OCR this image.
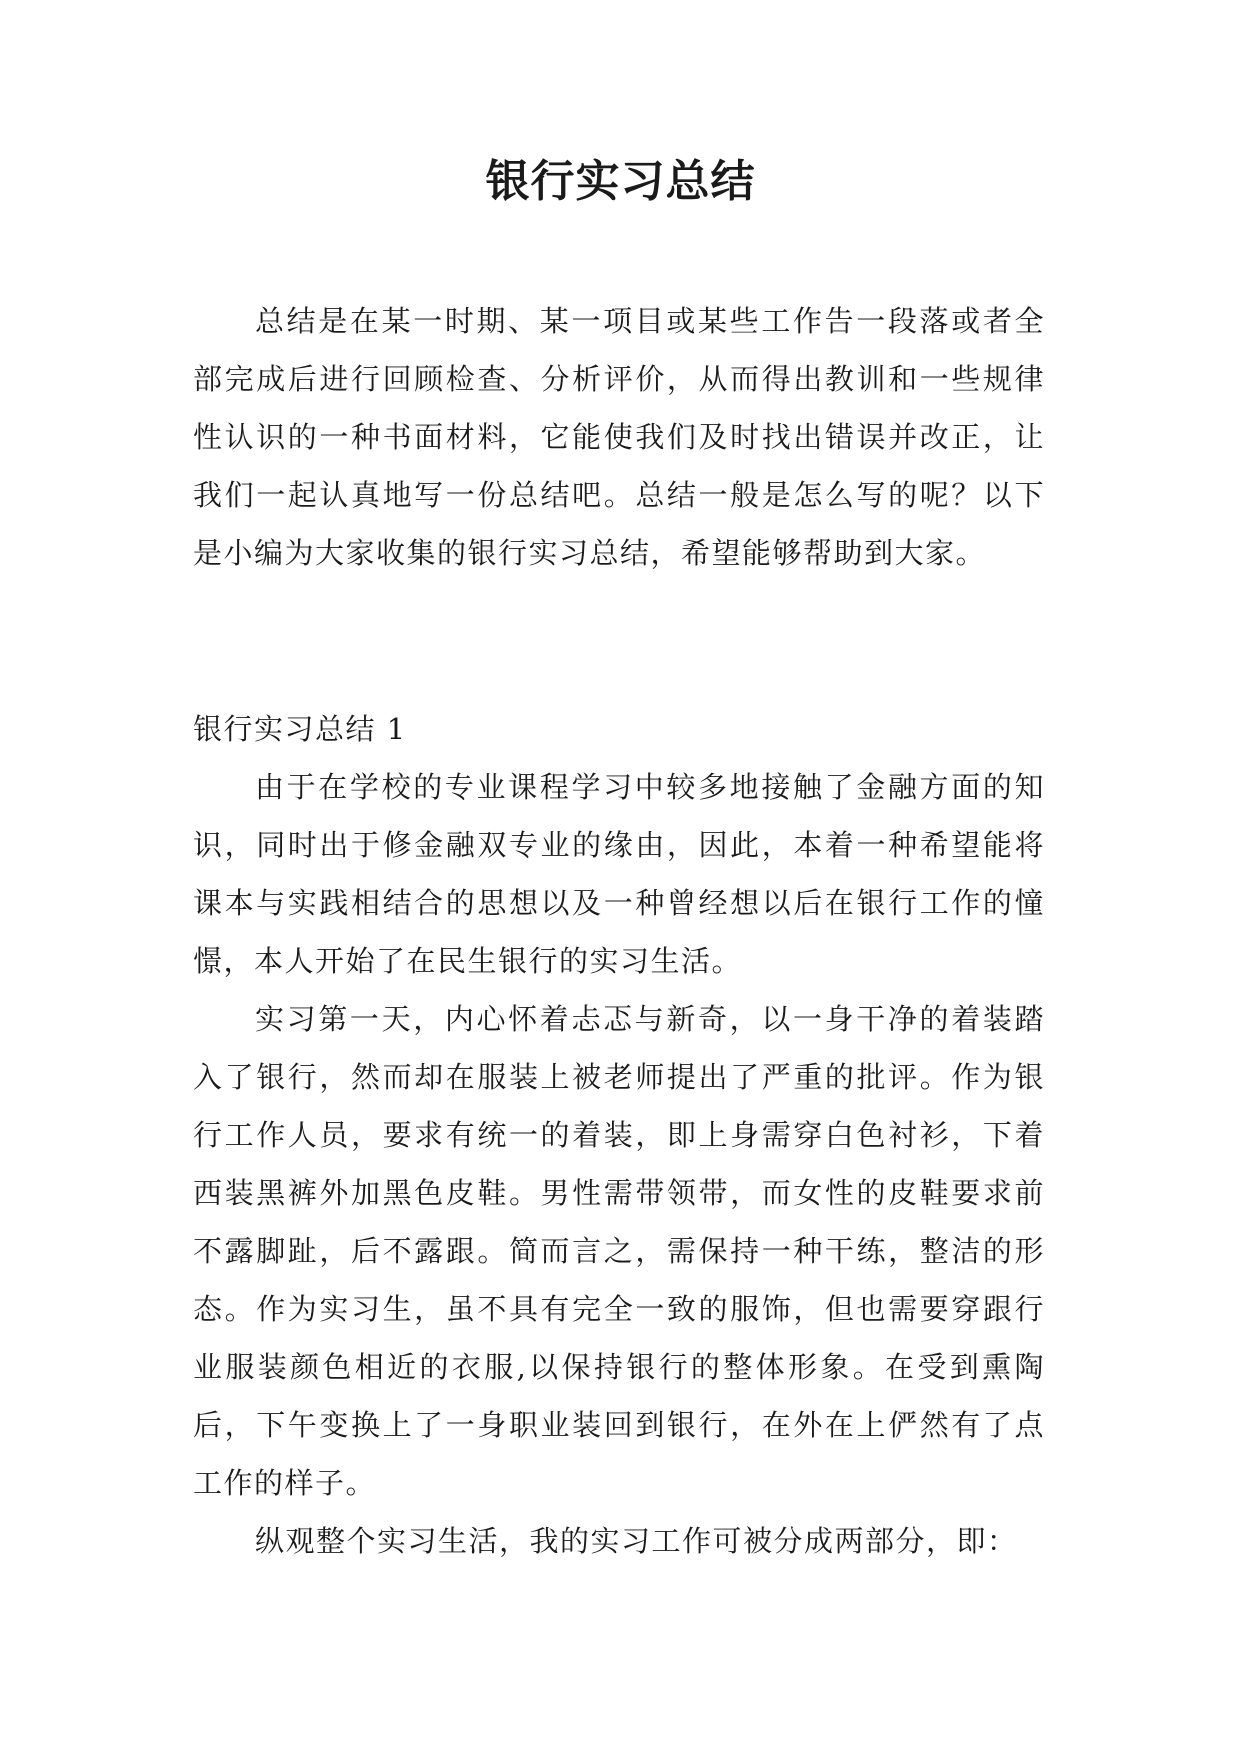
银行实习总结

总结是在某一时期、某一项目或某些工作告一段落或者全部完成后进行回顾检查、分析评价，从而得出教训和一些规律性认识的一种书面材料，它能使我们及时找出错误并改正，让我们一起认真地写一份总结吧。总结一般是怎么写的呢？以下是小编为大家收集的银行实习总结，希望能够帮助到大家。

银行实习总结 1

由于在学校的专业课程学习中较多地接触了金融方面的知识，同时出于修金融双专业的缘由，因此，本着一种希望能将课本与实践相结合的思想以及一种曾经想以后在银行工作的憧憬，本人开始了在民生银行的实习生活。

实习第一天，内心怀着忐忑与新奇，以一身干净的着装踏入了银行，然而却在服装上被老师提出了严重的批评。作为银行工作人员，要求有统一的着装，即上身需穿白色衬衫，下着西装黑裤外加黑色皮鞋。男性需带领带，而女性的皮鞋要求前不露脚趾，后不露跟。简而言之，需保持一种干练，整洁的形态。作为实习生，虽不具有完全一致的服饰，但也需要穿跟行业服装颜色相近的衣服,以保持银行的整体形象。在受到熏陶后，下午变换上了一身职业装回到银行，在外在上俨然有了点工作的样子。

纵观整个实习生活，我的实习工作可被分成两部分，即：
